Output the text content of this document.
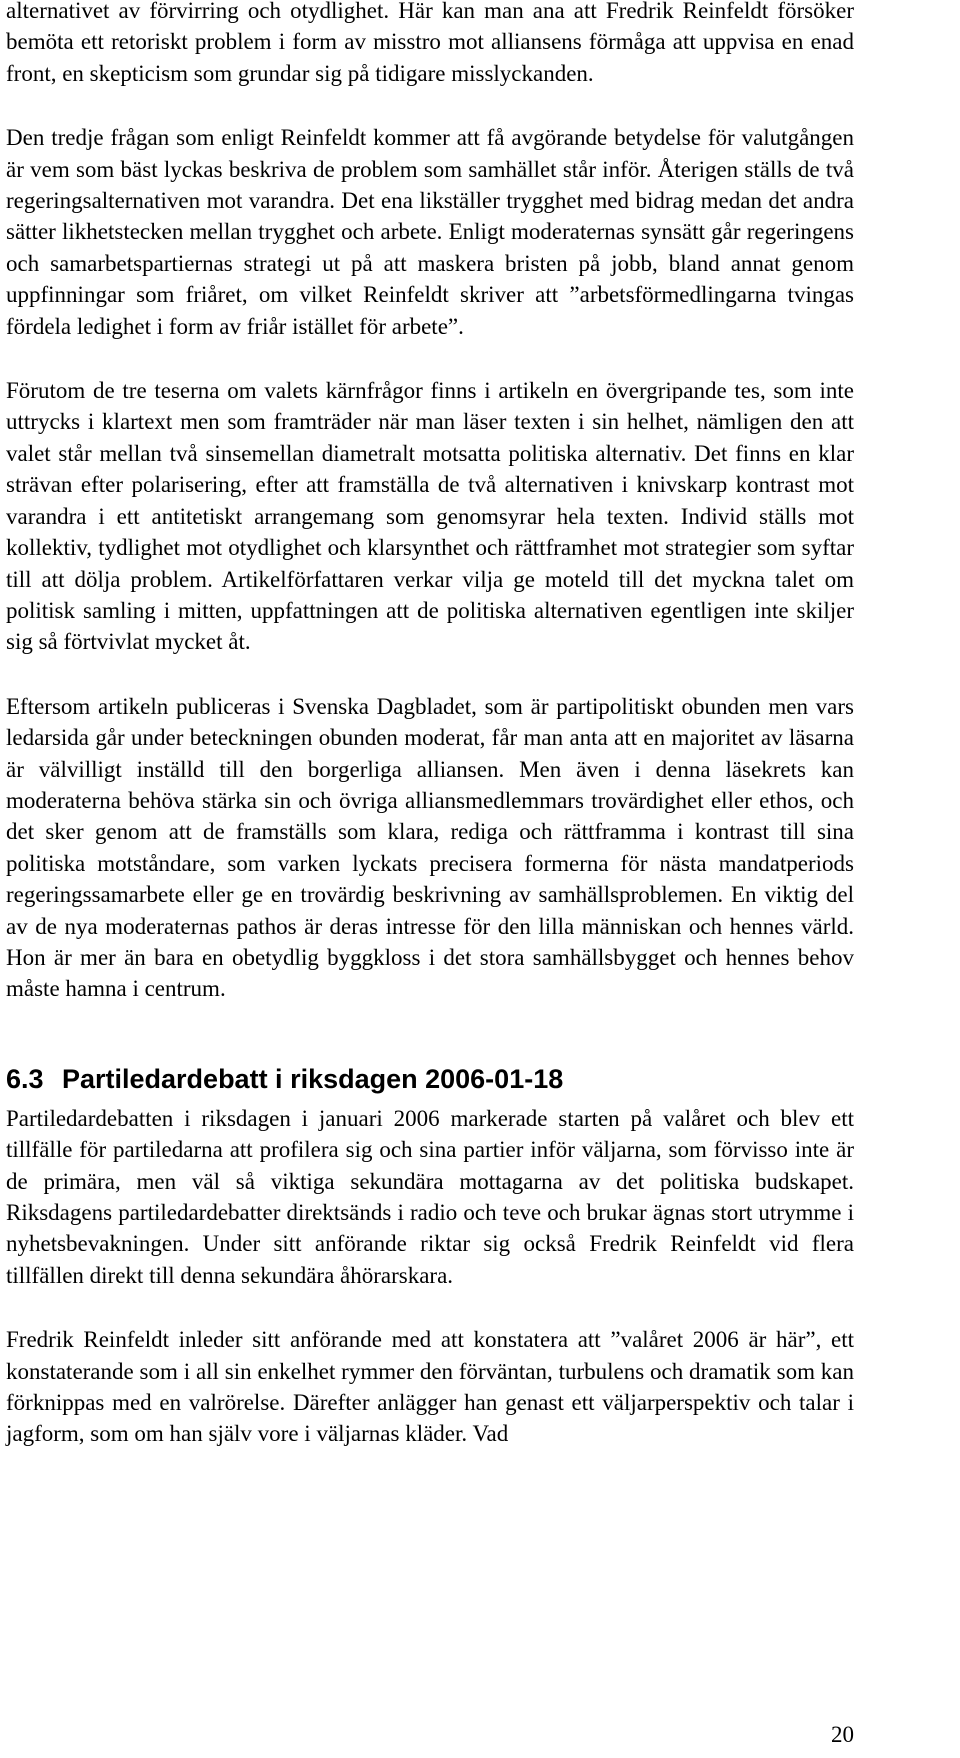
alternativet av förvirring och otydlighet. Här kan man ana att Fredrik Reinfeldt försöker bemöta ett retoriskt problem i form av misstro mot alliansens förmåga att uppvisa en enad front, en skepticism som grundar sig på tidigare misslyckanden.

Den tredje frågan som enligt Reinfeldt kommer att få avgörande betydelse för valutgången är vem som bäst lyckas beskriva de problem som samhället står inför. Återigen ställs de två regeringsalternativen mot varandra. Det ena likställer trygghet med bidrag medan det andra sätter likhetstecken mellan trygghet och arbete. Enligt moderaternas synsätt går regeringens och samarbetspartiernas strategi ut på att maskera bristen på jobb, bland annat genom uppfinningar som friåret, om vilket Reinfeldt skriver att ”arbetsförmedlingarna tvingas fördela ledighet i form av friår istället för arbete”.

Förutom de tre teserna om valets kärnfrågor finns i artikeln en övergripande tes, som inte uttrycks i klartext men som framträder när man läser texten i sin helhet, nämligen den att valet står mellan två sinsemellan diametralt motsatta politiska alternativ. Det finns en klar strävan efter polarisering, efter att framställa de två alternativen i knivskarp kontrast mot varandra i ett antitetiskt arrangemang som genomsyrar hela texten. Individ ställs mot kollektiv, tydlighet mot otydlighet och klarsynthet och rättframhet mot strategier som syftar till att dölja problem. Artikelförfattaren verkar vilja ge moteld till det myckna talet om politisk samling i mitten, uppfattningen att de politiska alternativen egentligen inte skiljer sig så förtvivlat mycket åt.

Eftersom artikeln publiceras i Svenska Dagbladet, som är partipolitiskt obunden men vars ledarsida går under beteckningen obunden moderat, får man anta att en majoritet av läsarna är välvilligt inställd till den borgerliga alliansen. Men även i denna läsekrets kan moderaterna behöva stärka sin och övriga alliansmedlemmars trovärdighet eller ethos, och det sker genom att de framställs som klara, rediga och rättframma i kontrast till sina politiska motståndare, som varken lyckats precisera formerna för nästa mandatperiods regeringssamarbete eller ge en trovärdig beskrivning av samhällsproblemen. En viktig del av de nya moderaternas pathos är deras intresse för den lilla människan och hennes värld. Hon är mer än bara en obetydlig byggkloss i det stora samhällsbygget och hennes behov måste hamna i centrum.

6.3 Partiledardebatt i riksdagen 2006-01-18

Partiledardebatten i riksdagen i januari 2006 markerade starten på valåret och blev ett tillfälle för partiledarna att profilera sig och sina partier inför väljarna, som förvisso inte är de primära, men väl så viktiga sekundära mottagarna av det politiska budskapet. Riksdagens partiledardebatter direktsänds i radio och teve och brukar ägnas stort utrymme i nyhetsbevakningen. Under sitt anförande riktar sig också Fredrik Reinfeldt vid flera tillfällen direkt till denna sekundära åhörarskara.

Fredrik Reinfeldt inleder sitt anförande med att konstatera att ”valåret 2006 är här”, ett konstaterande som i all sin enkelhet rymmer den förväntan, turbulens och dramatik som kan förknippas med en valrörelse. Därefter anlägger han genast ett väljarperspektiv och talar i jagform, som om han själv vore i väljarnas kläder. Vad

20
